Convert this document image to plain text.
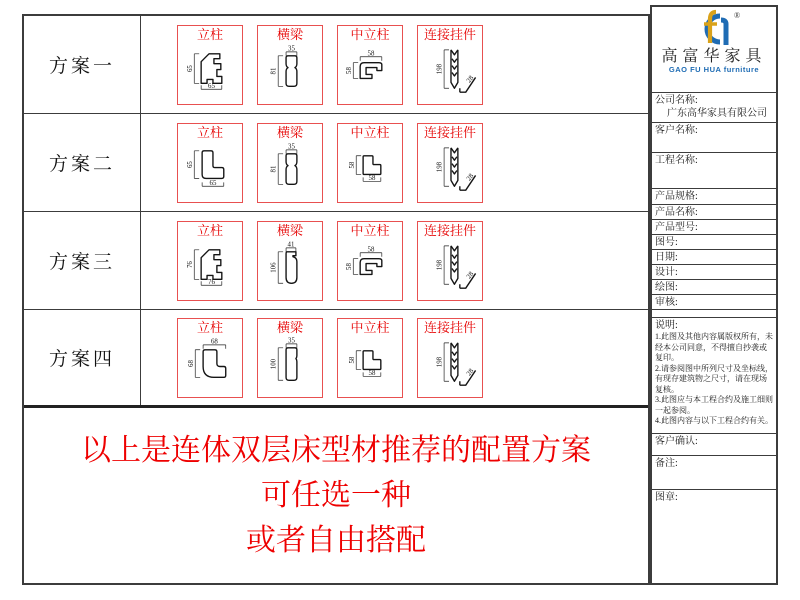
方案一
立柱
65
65
横梁
35
81
中立柱
58
58
连接挂件
198
28
方案二
立柱
65
65
横梁
35
81
中立柱
58
58
连接挂件
198
28
方案三
立柱
76
76
横梁
41
106
中立柱
58
58
连接挂件
198
28
方案四
立柱
68
68
横梁
35
100
中立柱
58
58
连接挂件
198
28
以上是连体双层床型材推荐的配置方案
可任选一种
或者自由搭配
®
高富华家具
GAO FU HUA furniture
公司名称:
广东高华家具有限公司
客户名称:
工程名称:
产品规格:
产品名称:
产品型号:
图号:
日期:
设计:
绘图:
审核:
说明:
1.此图及其他内容属版权所有，未经本公司同意，不得擅自抄袭或复印。
2.请参阅图中所列尺寸及坐标线，有现存建筑物之尺寸，请在现场复核。
3.此图应与本工程合约及施工细则一起参阅。
4.此图内容与以下工程合约有关。
客户确认:
备注:
图章:
